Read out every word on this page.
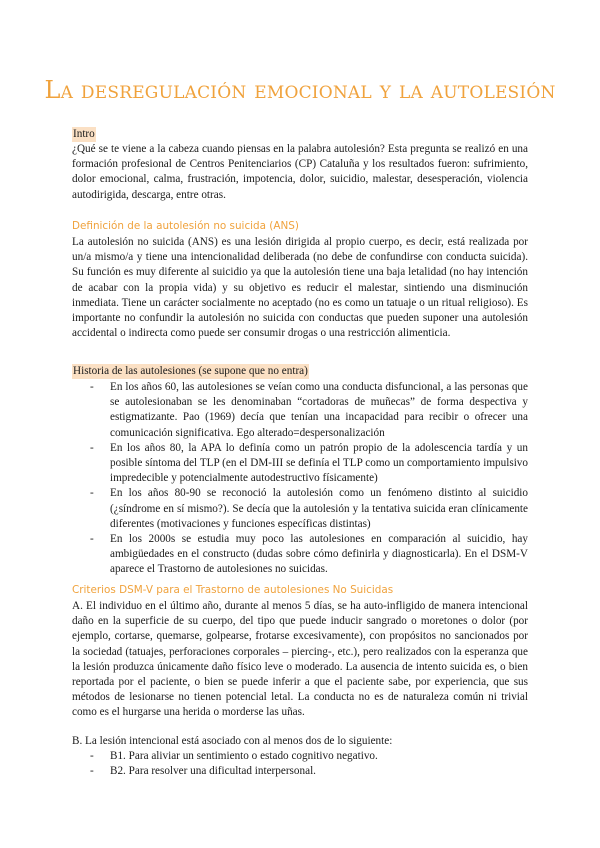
La desregulación emocional y la autolesión
Intro
¿Qué se te viene a la cabeza cuando piensas en la palabra autolesión? Esta pregunta se realizó en una formación profesional de Centros Penitenciarios (CP) Cataluña y los resultados fueron: sufrimiento, dolor emocional, calma, frustración, impotencia, dolor, suicidio, malestar, desesperación, violencia autodirigida, descarga, entre otras.
Definición de la autolesión no suicida (ANS)
La autolesión no suicida (ANS) es una lesión dirigida al propio cuerpo, es decir, está realizada por un/a mismo/a y tiene una intencionalidad deliberada (no debe de confundirse con conducta suicida). Su función es muy diferente al suicidio ya que la autolesión tiene una baja letalidad (no hay intención de acabar con la propia vida) y su objetivo es reducir el malestar, sintiendo una disminución inmediata. Tiene un carácter socialmente no aceptado (no es como un tatuaje o un ritual religioso). Es importante no confundir la autolesión no suicida con conductas que pueden suponer una autolesión accidental o indirecta como puede ser consumir drogas o una restricción alimenticia.
Historia de las autolesiones (se supone que no entra)
- En los años 60, las autolesiones se veían como una conducta disfuncional, a las personas que se autolesionaban se les denominaban “cortadoras de muñecas” de forma despectiva y estigmatizante. Pao (1969) decía que tenían una incapacidad para recibir o ofrecer una comunicación significativa. Ego alterado=despersonalización
- En los años 80, la APA lo definía como un patrón propio de la adolescencia tardía y un posible síntoma del TLP (en el DM-III se definía el TLP como un comportamiento impulsivo impredecible y potencialmente autodestructivo físicamente)
- En los años 80-90 se reconoció la autolesión como un fenómeno distinto al suicidio (¿síndrome en sí mismo?). Se decía que la autolesión y la tentativa suicida eran clínicamente diferentes (motivaciones y funciones específicas distintas)
- En los 2000s se estudia muy poco las autolesiones en comparación al suicidio, hay ambigüedades en el constructo (dudas sobre cómo definirla y diagnosticarla). En el DSM-V aparece el Trastorno de autolesiones no suicidas.
Criterios DSM-V para el Trastorno de autolesiones No Suicidas
A. El individuo en el último año, durante al menos 5 días, se ha auto-infligido de manera intencional daño en la superficie de su cuerpo, del tipo que puede inducir sangrado o moretones o dolor (por ejemplo, cortarse, quemarse, golpearse, frotarse excesivamente), con propósitos no sancionados por la sociedad (tatuajes, perforaciones corporales – piercing-, etc.), pero realizados con la esperanza que la lesión produzca únicamente daño físico leve o moderado. La ausencia de intento suicida es, o bien reportada por el paciente, o bien se puede inferir a que el paciente sabe, por experiencia, que sus métodos de lesionarse no tienen potencial letal. La conducta no es de naturaleza común ni trivial como es el hurgarse una herida o morderse las uñas.
B. La lesión intencional está asociado con al menos dos de lo siguiente:
- B1. Para aliviar un sentimiento o estado cognitivo negativo.
- B2. Para resolver una dificultad interpersonal.
